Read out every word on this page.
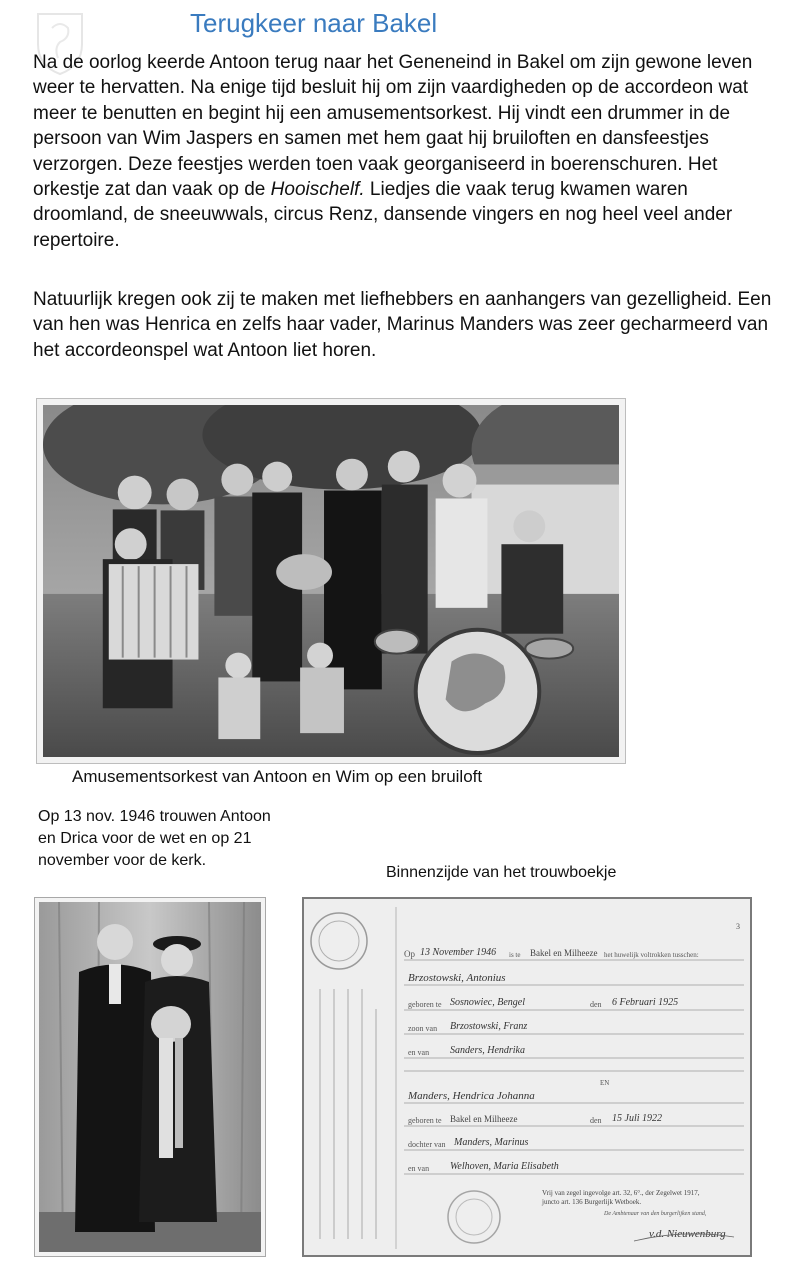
Terugkeer naar Bakel

Na de oorlog keerde Antoon terug naar het Geneneind in Bakel om zijn gewone leven weer te hervatten. Na enige tijd besluit hij om zijn vaardigheden op de accordeon wat meer te benutten en begint hij een amusementsorkest. Hij vindt een drummer in de persoon van Wim Jaspers en samen met hem gaat hij bruiloften en dansfeestjes verzorgen. Deze feestjes werden toen vaak georganiseerd in boerenschuren. Het orkestje zat dan vaak op de Hooischelf. Liedjes die vaak terug kwamen waren droomland, de sneeuwwals, circus Renz, dansende vingers en nog heel veel ander repertoire.

Natuurlijk kregen ook zij te maken met liefhebbers en aanhangers van gezelligheid. Een van hen was Henrica en zelfs haar vader, Marinus Manders was zeer gecharmeerd van het accordeonspel wat Antoon liet horen.

Amusementsorkest van Antoon en Wim op een bruiloft

Op 13 nov. 1946 trouwen Antoon en Drica voor de wet en op 21 november voor de kerk.

Binnenzijde van het trouwboekje

3
Op 13 November 1946 is te Bakel en Milheeze het huwelijk voltrokken tusschen:
Brzostowski, Antonius
geboren te Sosnowiec, Bengel	den 6 Februari 1925
zoon van Brzostowski, Franz
en van Sanders, Hendrika
EN
Manders, Hendrica Johanna
geboren te Bakel en Milheeze	den 15 Juli 1922
dochter van Manders, Marinus
en van Welhoven, Maria Elisabeth
Vrij van zegel ingevolge art. 32, 6°., der Zegelwet 1917,
juncto art. 136 Burgerlijk Wetboek.
De Ambtenaar van den burgerlijken stand,
v.d. Nieuwenburg
